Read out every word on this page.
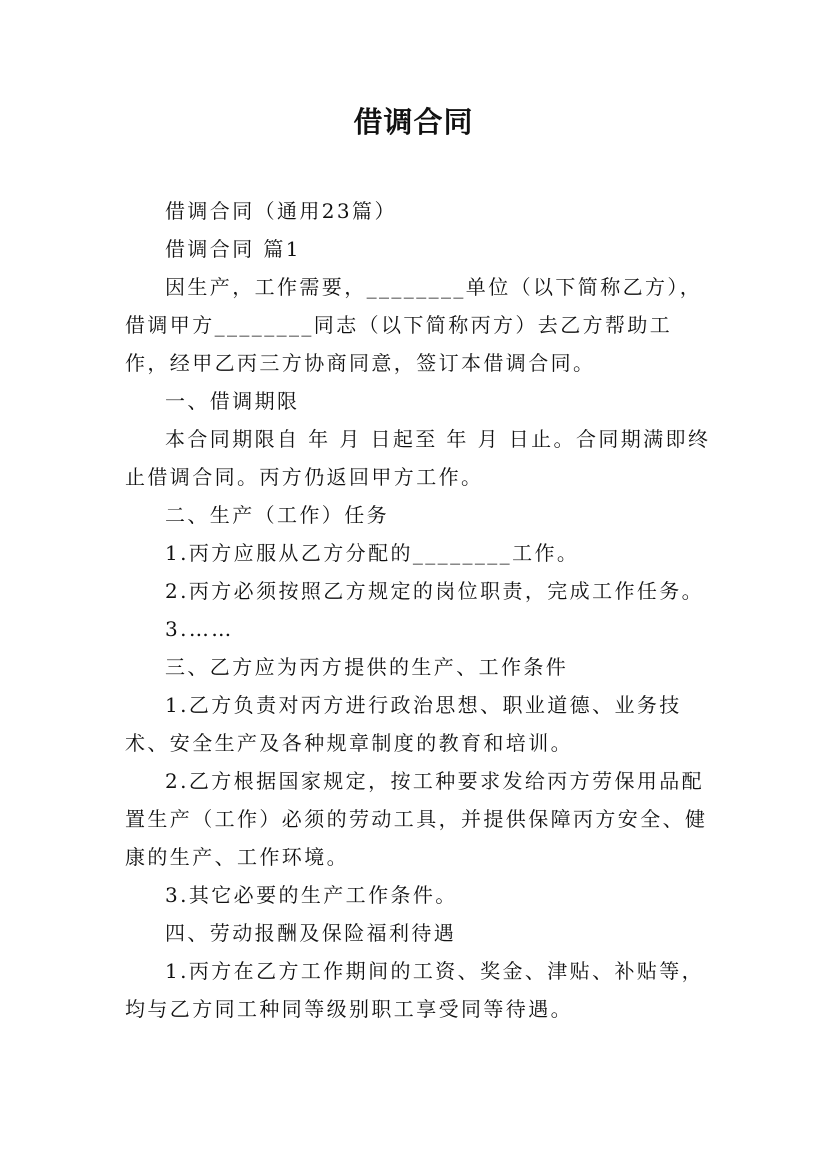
借调合同

借调合同（通用23篇）

借调合同 篇1

因生产，工作需要，________单位（以下简称乙方），借调甲方________同志（以下简称丙方）去乙方帮助工作，经甲乙丙三方协商同意，签订本借调合同。

一、借调期限

本合同期限自 年 月 日起至 年 月 日止。合同期满即终止借调合同。丙方仍返回甲方工作。

二、生产（工作）任务

1.丙方应服从乙方分配的________工作。

2.丙方必须按照乙方规定的岗位职责，完成工作任务。

3.……

三、乙方应为丙方提供的生产、工作条件

1.乙方负责对丙方进行政治思想、职业道德、业务技术、安全生产及各种规章制度的教育和培训。

2.乙方根据国家规定，按工种要求发给丙方劳保用品配置生产（工作）必须的劳动工具，并提供保障丙方安全、健康的生产、工作环境。

3.其它必要的生产工作条件。

四、劳动报酬及保险福利待遇

1.丙方在乙方工作期间的工资、奖金、津贴、补贴等，均与乙方同工种同等级别职工享受同等待遇。
